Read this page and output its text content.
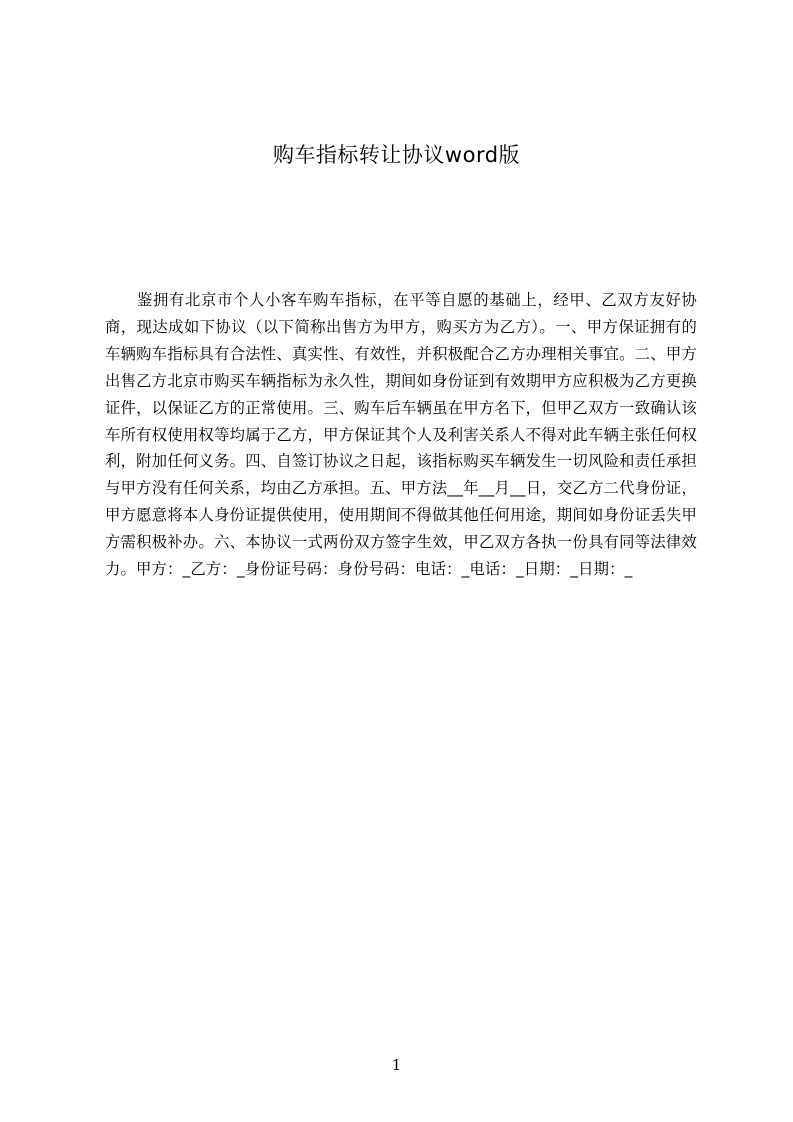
购车指标转让协议word版

鉴拥有北京市个人小客车购车指标，在平等自愿的基础上，经甲、乙双方友好协商，现达成如下协议（以下简称出售方为甲方，购买方为乙方）。一、甲方保证拥有的车辆购车指标具有合法性、真实性、有效性，并积极配合乙方办理相关事宜。二、甲方出售乙方北京市购买车辆指标为永久性，期间如身份证到有效期甲方应积极为乙方更换证件，以保证乙方的正常使用。三、购车后车辆虽在甲方名下，但甲乙双方一致确认该车所有权使用权等均属于乙方，甲方保证其个人及利害关系人不得对此车辆主张任何权利，附加任何义务。四、自签订协议之日起，该指标购买车辆发生一切风险和责任承担与甲方没有任何关系，均由乙方承担。五、甲方法__年__月__日，交乙方二代身份证，甲方愿意将本人身份证提供使用，使用期间不得做其他任何用途，期间如身份证丢失甲方需积极补办。六、本协议一式两份双方签字生效，甲乙双方各执一份具有同等法律效力。甲方：_乙方：_身份证号码：身份号码：电话：_电话：_日期：_日期：_

1
